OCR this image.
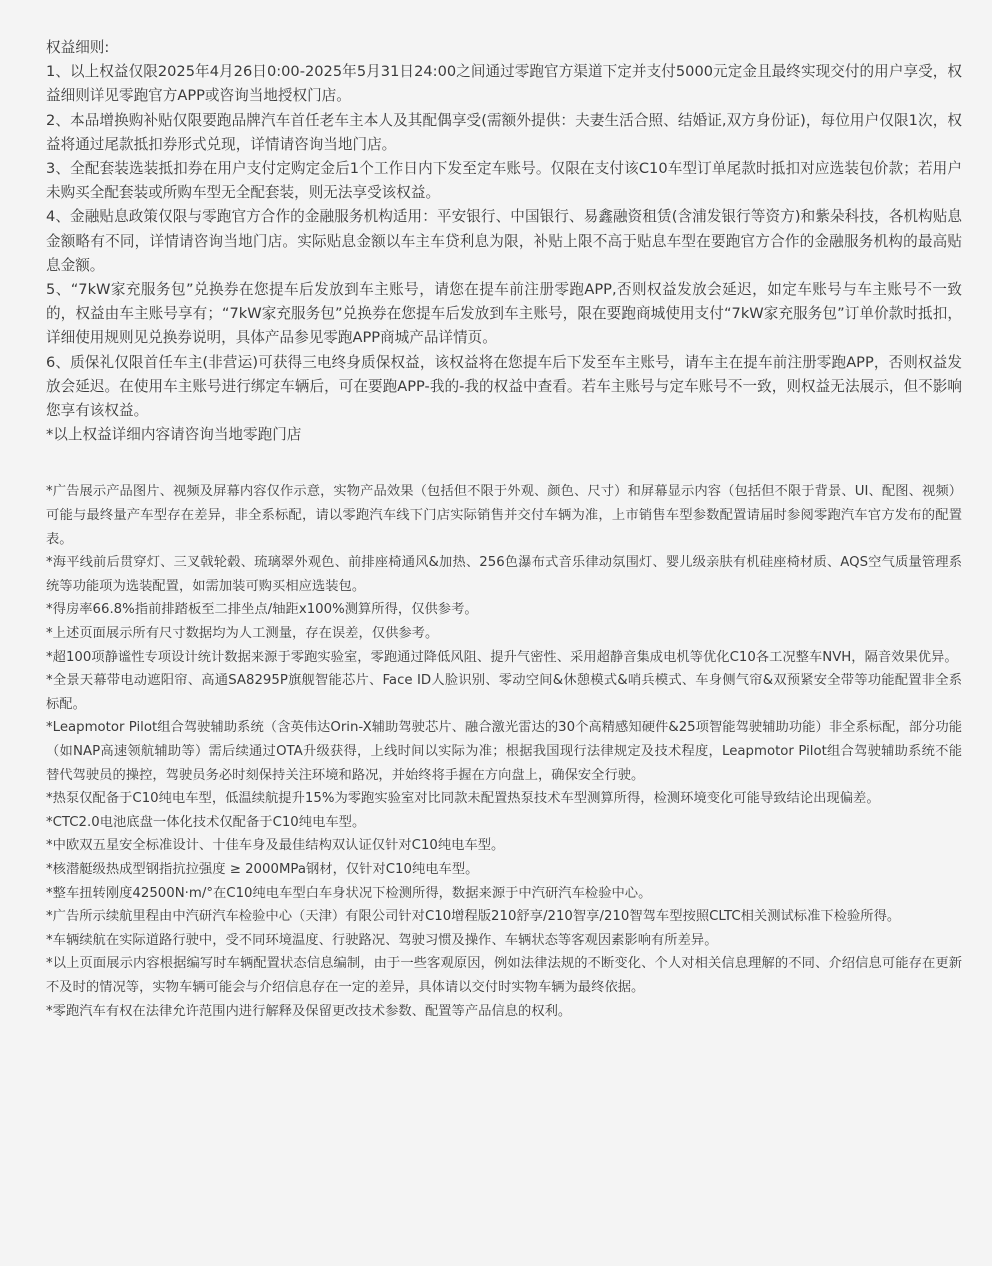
权益细则:

1、以上权益仅限2025年4月26日0:00-2025年5月31日24:00之间通过零跑官方渠道下定并支付5000元定金且最终实现交付的用户享受，权益细则详见零跑官方APP或咨询当地授权门店。

2、本品增换购补贴仅限要跑品牌汽车首任老车主本人及其配偶享受(需额外提供：夫妻生活合照、结婚证,双方身份证)，每位用户仅限1次，权益将通过尾款抵扣券形式兑现，详情请咨询当地门店。

3、全配套装选装抵扣券在用户支付定购定金后1个工作日内下发至定车账号。仅限在支付该C10车型订单尾款时抵扣对应选装包价款；若用户未购买全配套装或所购车型无全配套装，则无法享受该权益。

4、金融贴息政策仅限与零跑官方合作的金融服务机构适用：平安银行、中国银行、易鑫融资租赁(含浦发银行等资方)和紫朵科技，各机构贴息金额略有不同，详情请咨询当地门店。实际贴息金额以车主车贷利息为限，补贴上限不高于贴息车型在要跑官方合作的金融服务机构的最高贴息金额。

5、“7kW家充服务包”兑换券在您提车后发放到车主账号，请您在提车前注册零跑APP,否则权益发放会延迟，如定车账号与车主账号不一致的，权益由车主账号享有；“7kW家充服务包”兑换券在您提车后发放到车主账号，限在要跑商城使用支付“7kW家充服务包”订单价款时抵扣，详细使用规则见兑换券说明，具体产品参见零跑APP商城产品详情页。

6、质保礼仅限首任车主(非营运)可获得三电终身质保权益，该权益将在您提车后下发至车主账号，请车主在提车前注册零跑APP，否则权益发放会延迟。在使用车主账号进行绑定车辆后，可在要跑APP-我的-我的权益中查看。若车主账号与定车账号不一致，则权益无法展示，但不影响您享有该权益。

*以上权益详细内容请咨询当地零跑门店

*广告展示产品图片、视频及屏幕内容仅作示意，实物产品效果（包括但不限于外观、颜色、尺寸）和屏幕显示内容（包括但不限于背景、UI、配图、视频）可能与最终量产车型存在差异，非全系标配，请以零跑汽车线下门店实际销售并交付车辆为准，上市销售车型参数配置请届时参阅零跑汽车官方发布的配置表。

*海平线前后贯穿灯、三叉戟轮毂、琉璃翠外观色、前排座椅通风&加热、256色瀑布式音乐律动氛围灯、婴儿级亲肤有机硅座椅材质、AQS空气质量管理系统等功能项为选装配置，如需加装可购买相应选装包。

*得房率66.8%指前排踏板至二排坐点/轴距x100%测算所得，仅供参考。

*上述页面展示所有尺寸数据均为人工测量，存在误差，仅供参考。

*超100项静谧性专项设计统计数据来源于零跑实验室，零跑通过降低风阻、提升气密性、采用超静音集成电机等优化C10各工况整车NVH，隔音效果优异。

*全景天幕带电动遮阳帘、高通SA8295P旗舰智能芯片、Face ID人脸识别、零动空间&休憩模式&哨兵模式、车身侧气帘&双预紧安全带等功能配置非全系标配。

*Leapmotor Pilot组合驾驶辅助系统（含英伟达Orin-X辅助驾驶芯片、融合激光雷达的30个高精感知硬件&25项智能驾驶辅助功能）非全系标配，部分功能（如NAP高速领航辅助等）需后续通过OTA升级获得，上线时间以实际为准；根据我国现行法律规定及技术程度，Leapmotor Pilot组合驾驶辅助系统不能替代驾驶员的操控，驾驶员务必时刻保持关注环境和路况，并始终将手握在方向盘上，确保安全行驶。

*热泵仅配备于C10纯电车型，低温续航提升15%为零跑实验室对比同款未配置热泵技术车型测算所得，检测环境变化可能导致结论出现偏差。

*CTC2.0电池底盘一体化技术仅配备于C10纯电车型。

*中欧双五星安全标准设计、十佳车身及最佳结构双认证仅针对C10纯电车型。

*核潜艇级热成型钢指抗拉强度 ≥ 2000MPa钢材，仅针对C10纯电车型。

*整车扭转刚度42500N·m/°在C10纯电车型白车身状况下检测所得，数据来源于中汽研汽车检验中心。

*广告所示续航里程由中汽研汽车检验中心（天津）有限公司针对C10增程版210舒享/210智享/210智驾车型按照CLTC相关测试标准下检验所得。

*车辆续航在实际道路行驶中，受不同环境温度、行驶路况、驾驶习惯及操作、车辆状态等客观因素影响有所差异。

*以上页面展示内容根据编写时车辆配置状态信息编制，由于一些客观原因，例如法律法规的不断变化、个人对相关信息理解的不同、介绍信息可能存在更新不及时的情况等，实物车辆可能会与介绍信息存在一定的差异，具体请以交付时实物车辆为最终依据。

*零跑汽车有权在法律允许范围内进行解释及保留更改技术参数、配置等产品信息的权利。
